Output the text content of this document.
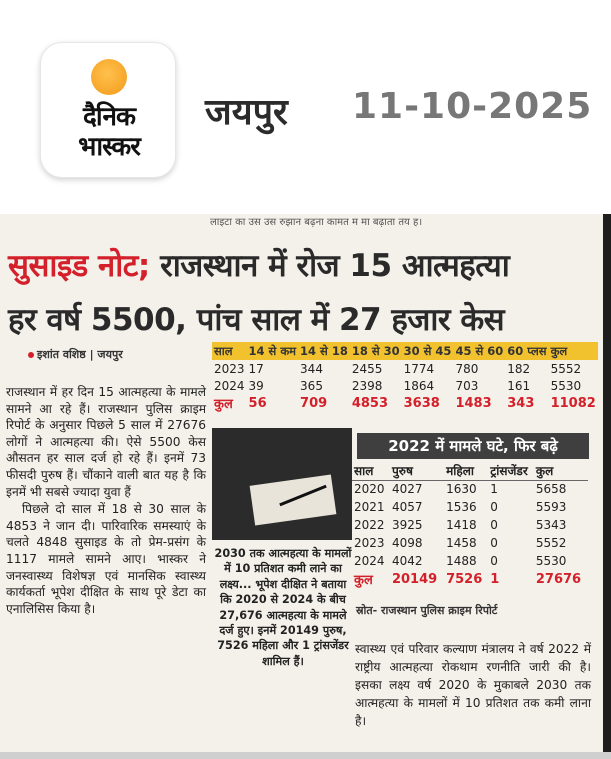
दैनिक
भास्कर
जयपुर 11-10-2025
लाइटा का उस उस रुझान बढ़ना कामत म मा बढ़ाता तय ह।
सुसाइड नोट; राजस्थान में रोज 15 आत्महत्या
हर वर्ष 5500, पांच साल में 27 हजार केस
इशांत वशिष्ठ | जयपुर

राजस्थान में हर दिन 15 आत्महत्या के मामले सामने आ रहे हैं। राजस्थान पुलिस क्राइम रिपोर्ट के अनुसार पिछले 5 साल में 27676 लोगों ने आत्महत्या की। ऐसे 5500 केस औसतन हर साल दर्ज हो रहे हैं। इनमें 73 फीसदी पुरुष हैं। चौंकाने वाली बात यह है कि इनमें भी सबसे ज्यादा युवा हैं

पिछले दो साल में 18 से 30 साल के 4853 ने जान दी। पारिवारिक समस्याएं के चलते 4848 सुसाइड के तो प्रेम-प्रसंग के 1117 मामले सामने आए। भास्कर ने जनस्वास्थ्य विशेषज्ञ एवं मानसिक स्वास्थ्य कार्यकर्ता भूपेश दीक्षित के साथ पूरे डेटा का एनालिसिस किया है।

साल	14 से कम	14 से 18	18 से 30	30 से 45	45 से 60	60 प्लस	कुल
2023	17	344	2455	1774	780	182	5552
2024	39	365	2398	1864	703	161	5530
कुल	56	709	4853	3638	1483	343	11082
2030 तक आत्महत्या के मामलों में 10 प्रतिशत कमी लाने का लक्ष्य... भूपेश दीक्षित ने बताया कि 2020 से 2024 के बीच 27,676 आत्महत्या के मामले दर्ज हुए। इनमें 20149 पुरुष, 7526 महिला और 1 ट्रांसजेंडर शामिल हैं।
2022 में मामले घटे, फिर बढ़े
साल	पुरुष	महिला	ट्रांसजेंडर	कुल
2020	4027	1630	1	5658
2021	4057	1536	0	5593
2022	3925	1418	0	5343
2023	4098	1458	0	5552
2024	4042	1488	0	5530
कुल	20149	7526	1	27676
स्रोत- राजस्थान पुलिस क्राइम रिपोर्ट
स्वास्थ्य एवं परिवार कल्याण मंत्रालय ने वर्ष 2022 में राष्ट्रीय आत्महत्या रोकथाम रणनीति जारी की है। इसका लक्ष्य वर्ष 2020 के मुकाबले 2030 तक आत्महत्या के मामलों में 10 प्रतिशत तक कमी लाना है।
